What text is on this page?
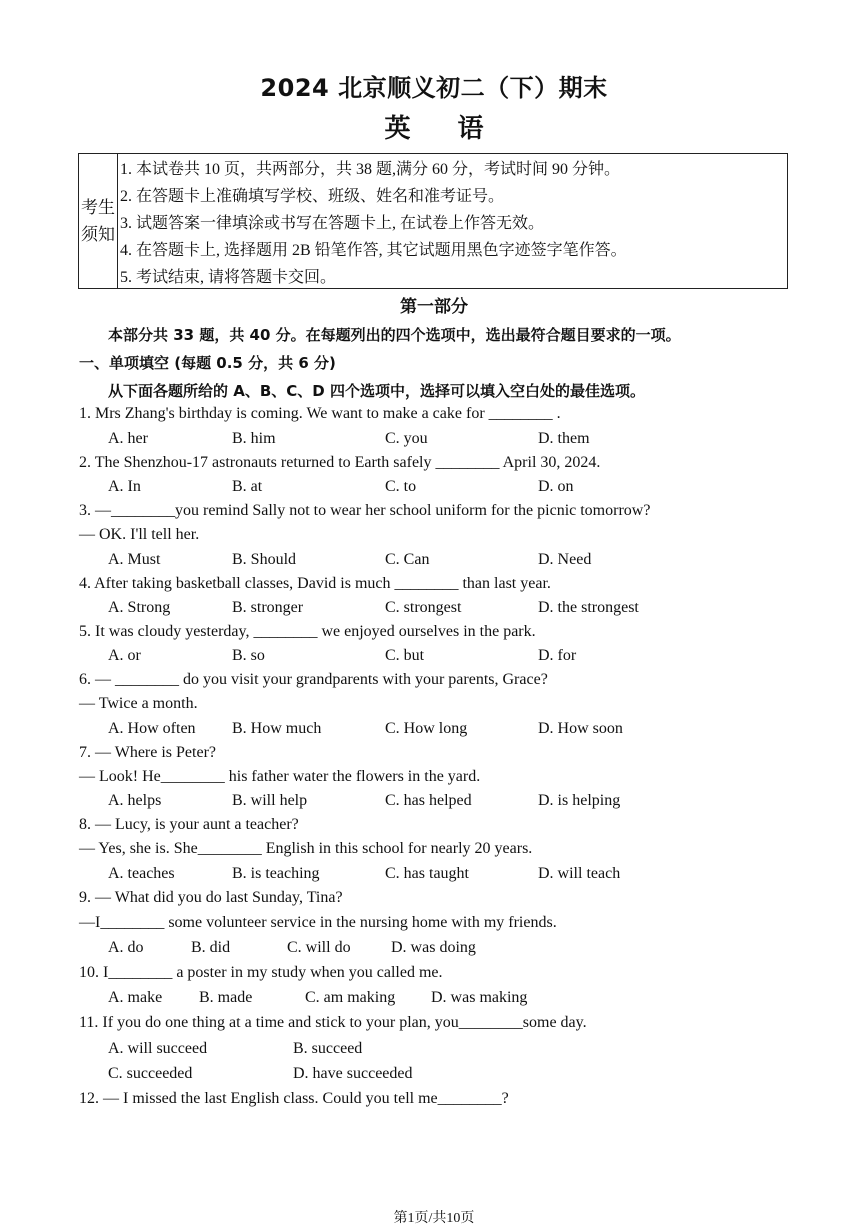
2024 北京顺义初二（下）期末
英 语
考生
须知
1. 本试卷共 10 页，共两部分，共 38 题,满分 60 分，考试时间 90 分钟。
2. 在答题卡上准确填写学校、班级、姓名和准考证号。
3. 试题答案一律填涂或书写在答题卡上, 在试卷上作答无效。
4. 在答题卡上, 选择题用 2B 铅笔作答, 其它试题用黑色字迹签字笔作答。
5. 考试结束, 请将答题卡交回。
第一部分
本部分共 33 题，共 40 分。在每题列出的四个选项中，选出最符合题目要求的一项。
一、单项填空 (每题 0.5 分，共 6 分)
从下面各题所给的 A、B、C、D 四个选项中，选择可以填入空白处的最佳选项。
1. Mrs Zhang's birthday is coming. We want to make a cake for ________ .
A. her	B. him	C. you	D. them
2. The Shenzhou-17 astronauts returned to Earth safely ________ April 30, 2024.
A. In	B. at	C. to	D. on
3. —________you remind Sally not to wear her school uniform for the picnic tomorrow?
— OK. I'll tell her.
A. Must	B. Should	C. Can	D. Need
4. After taking basketball classes, David is much ________ than last year.
A. Strong	B. stronger	C. strongest	D. the strongest
5. It was cloudy yesterday, ________ we enjoyed ourselves in the park.
A. or	B. so	C. but	D. for
6. — ________ do you visit your grandparents with your parents, Grace?
— Twice a month.
A. How often B. How much	C. How long	D. How soon
7. — Where is Peter?
— Look! He________ his father water the flowers in the yard.
A. helps	B. will help	C. has helped	D. is helping
8. — Lucy, is your aunt a teacher?
— Yes, she is. She________ English in this school for nearly 20 years.
A. teaches	B. is teaching	C. has taught	D. will teach
9. — What did you do last Sunday, Tina?
—I________ some volunteer service in the nursing home with my friends.
A. do	B. did	C. will do	D. was doing
10. I________ a poster in my study when you called me.
A. make B. made	C. am making D. was making
11. If you do one thing at a time and stick to your plan, you________some day.
A. will succeed	B. succeed
C. succeeded	D. have succeeded
12. — I missed the last English class. Could you tell me________?
第1页/共10页
